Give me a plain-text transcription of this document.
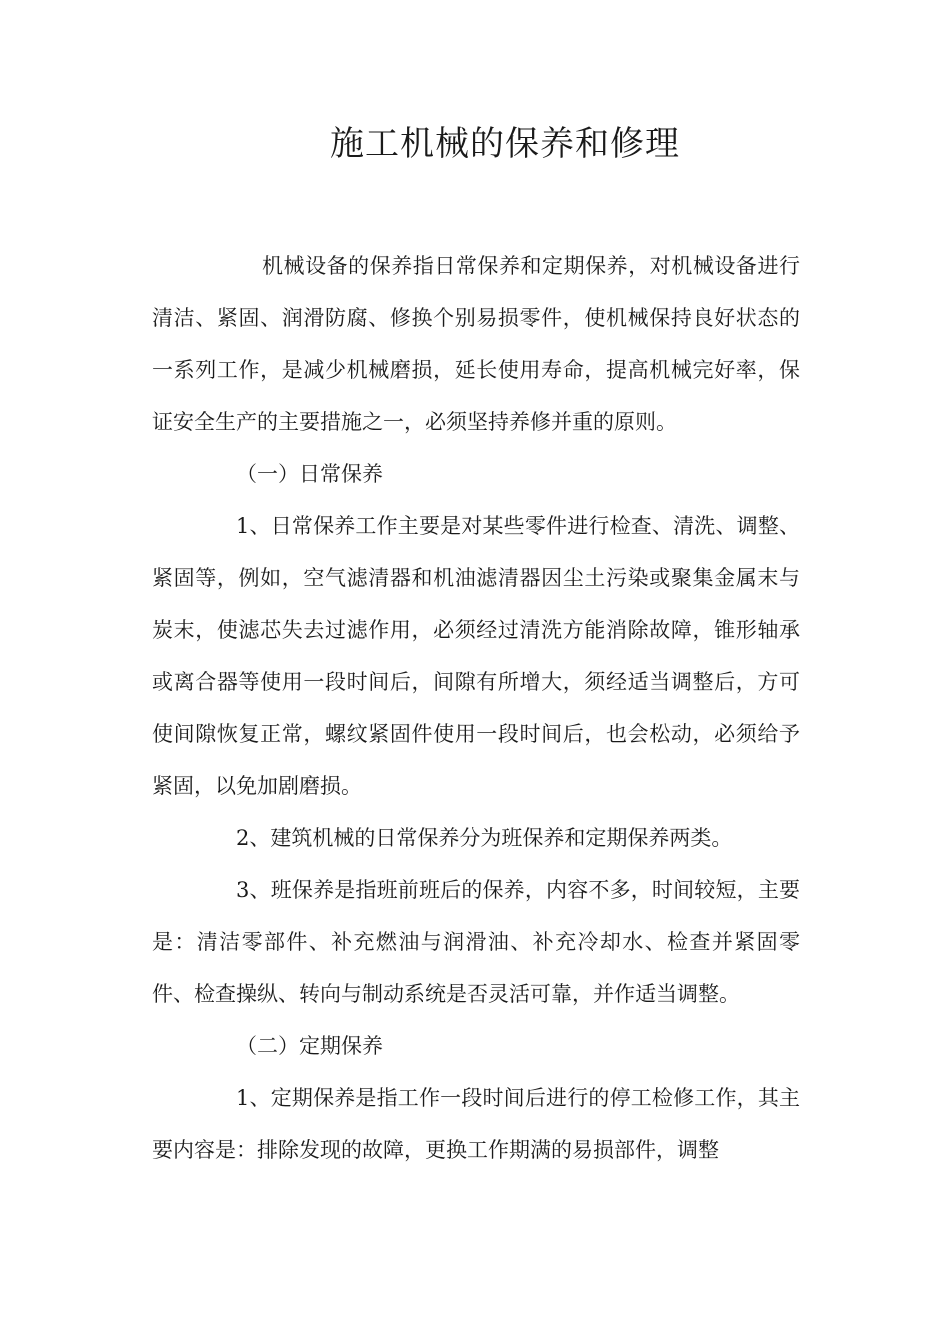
施工机械的保养和修理

机械设备的保养指日常保养和定期保养，对机械设备进行清洁、紧固、润滑防腐、修换个别易损零件，使机械保持良好状态的一系列工作，是减少机械磨损，延长使用寿命，提高机械完好率，保证安全生产的主要措施之一，必须坚持养修并重的原则。

（一）日常保养

1、日常保养工作主要是对某些零件进行检查、清洗、调整、紧固等，例如，空气滤清器和机油滤清器因尘土污染或聚集金属末与炭末，使滤芯失去过滤作用，必须经过清洗方能消除故障，锥形轴承或离合器等使用一段时间后，间隙有所增大，须经适当调整后，方可使间隙恢复正常，螺纹紧固件使用一段时间后，也会松动，必须给予紧固，以免加剧磨损。

2、建筑机械的日常保养分为班保养和定期保养两类。

3、班保养是指班前班后的保养，内容不多，时间较短，主要是：清洁零部件、补充燃油与润滑油、补充冷却水、检查并紧固零件、检查操纵、转向与制动系统是否灵活可靠，并作适当调整。

（二）定期保养

1、定期保养是指工作一段时间后进行的停工检修工作，其主要内容是：排除发现的故障，更换工作期满的易损部件，调整
